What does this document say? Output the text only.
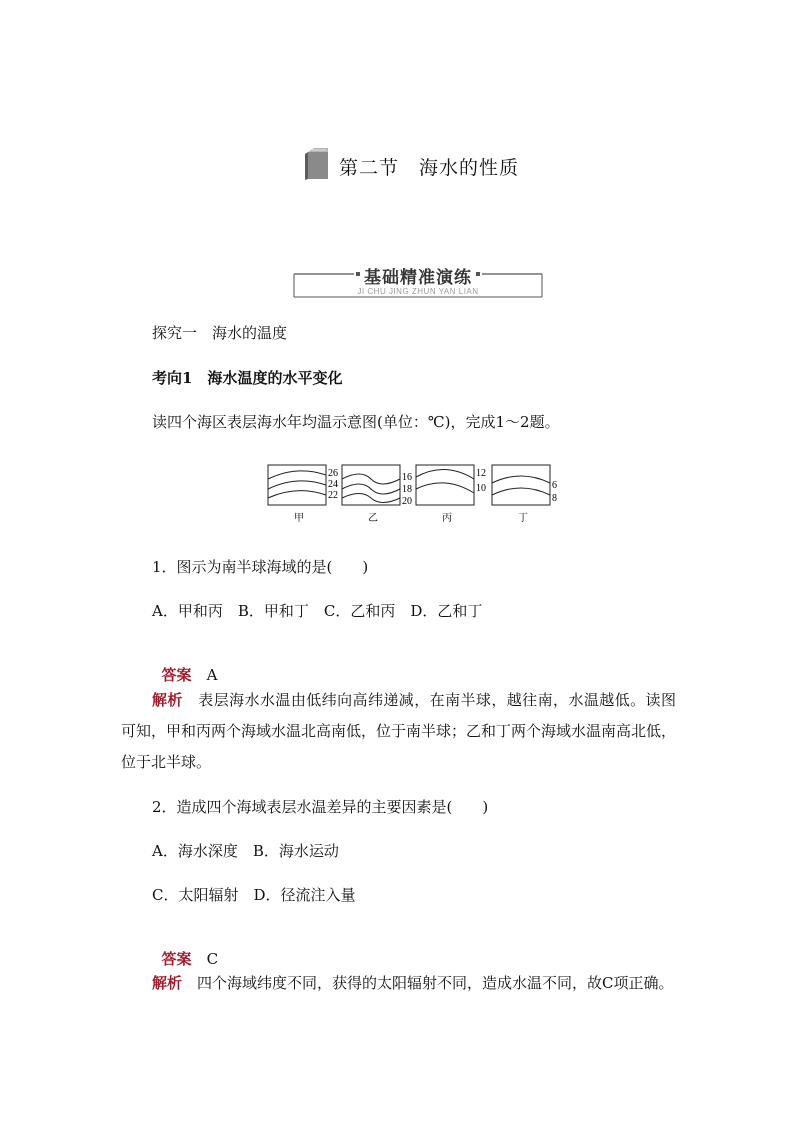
第二节　海水的性质
基础精准演练
JI CHU JING ZHUN YAN LIAN
探究一　海水的温度
考向1　海水温度的水平变化
读四个海区表层海水年均温示意图(单位：℃)，完成1～2题。
26
24
22
甲
16
18
20
乙
12
10
丙
6
8
丁
1．图示为南半球海域的是(　　)
A．甲和丙　B．甲和丁　C．乙和丙　D．乙和丁

答案　 A

解析　 表层海水水温由低纬向高纬递减，在南半球，越往南，水温越低。读图可知，甲和丙两个海域水温北高南低，位于南半球；乙和丁两个海域水温南高北低，位于北半球。
2．造成四个海域表层水温差异的主要因素是(　　)
A．海水深度　B．海水运动
C．太阳辐射　D．径流注入量

答案　 C

解析　 四个海域纬度不同，获得的太阳辐射不同，造成水温不同，故C项正确。
